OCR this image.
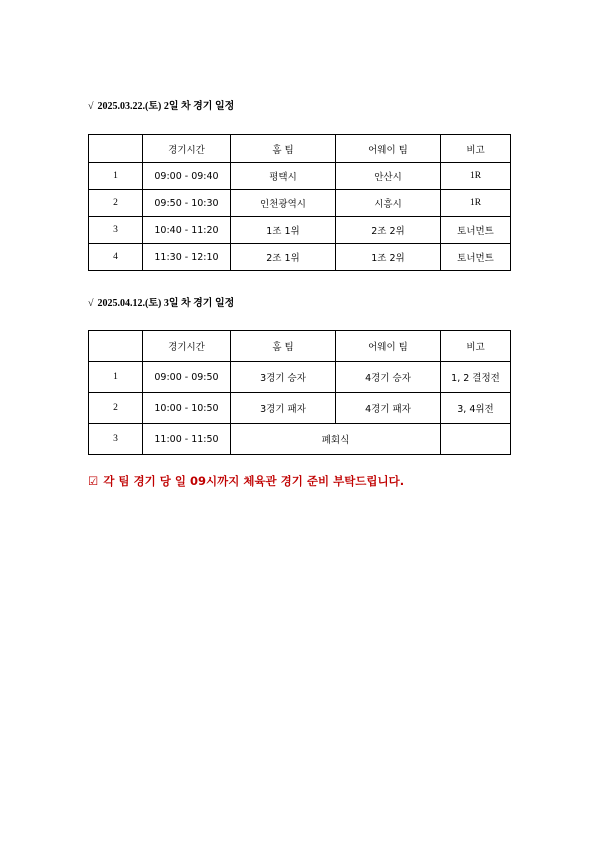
√ 2025.03.22.(토) 2일 차 경기 일정
	경기시간	홈 팀	어웨이 팀	비고
1	09:00 - 09:40	평택시	안산시	1R
2	09:50 - 10:30	인천광역시	시흥시	1R
3	10:40 - 11:20	1조 1위	2조 2위	토너먼트
4	11:30 - 12:10	2조 1위	1조 2위	토너먼트
√ 2025.04.12.(토) 3일 차 경기 일정
	경기시간	홈 팀	어웨이 팀	비고
1	09:00 - 09:50	3경기 승자	4경기 승자	1, 2 결정전
2	10:00 - 10:50	3경기 패자	4경기 패자	3, 4위전
3	11:00 - 11:50	폐회식		
☑ 각 팀 경기 당 일 09시까지 체육관 경기 준비 부탁드립니다.
